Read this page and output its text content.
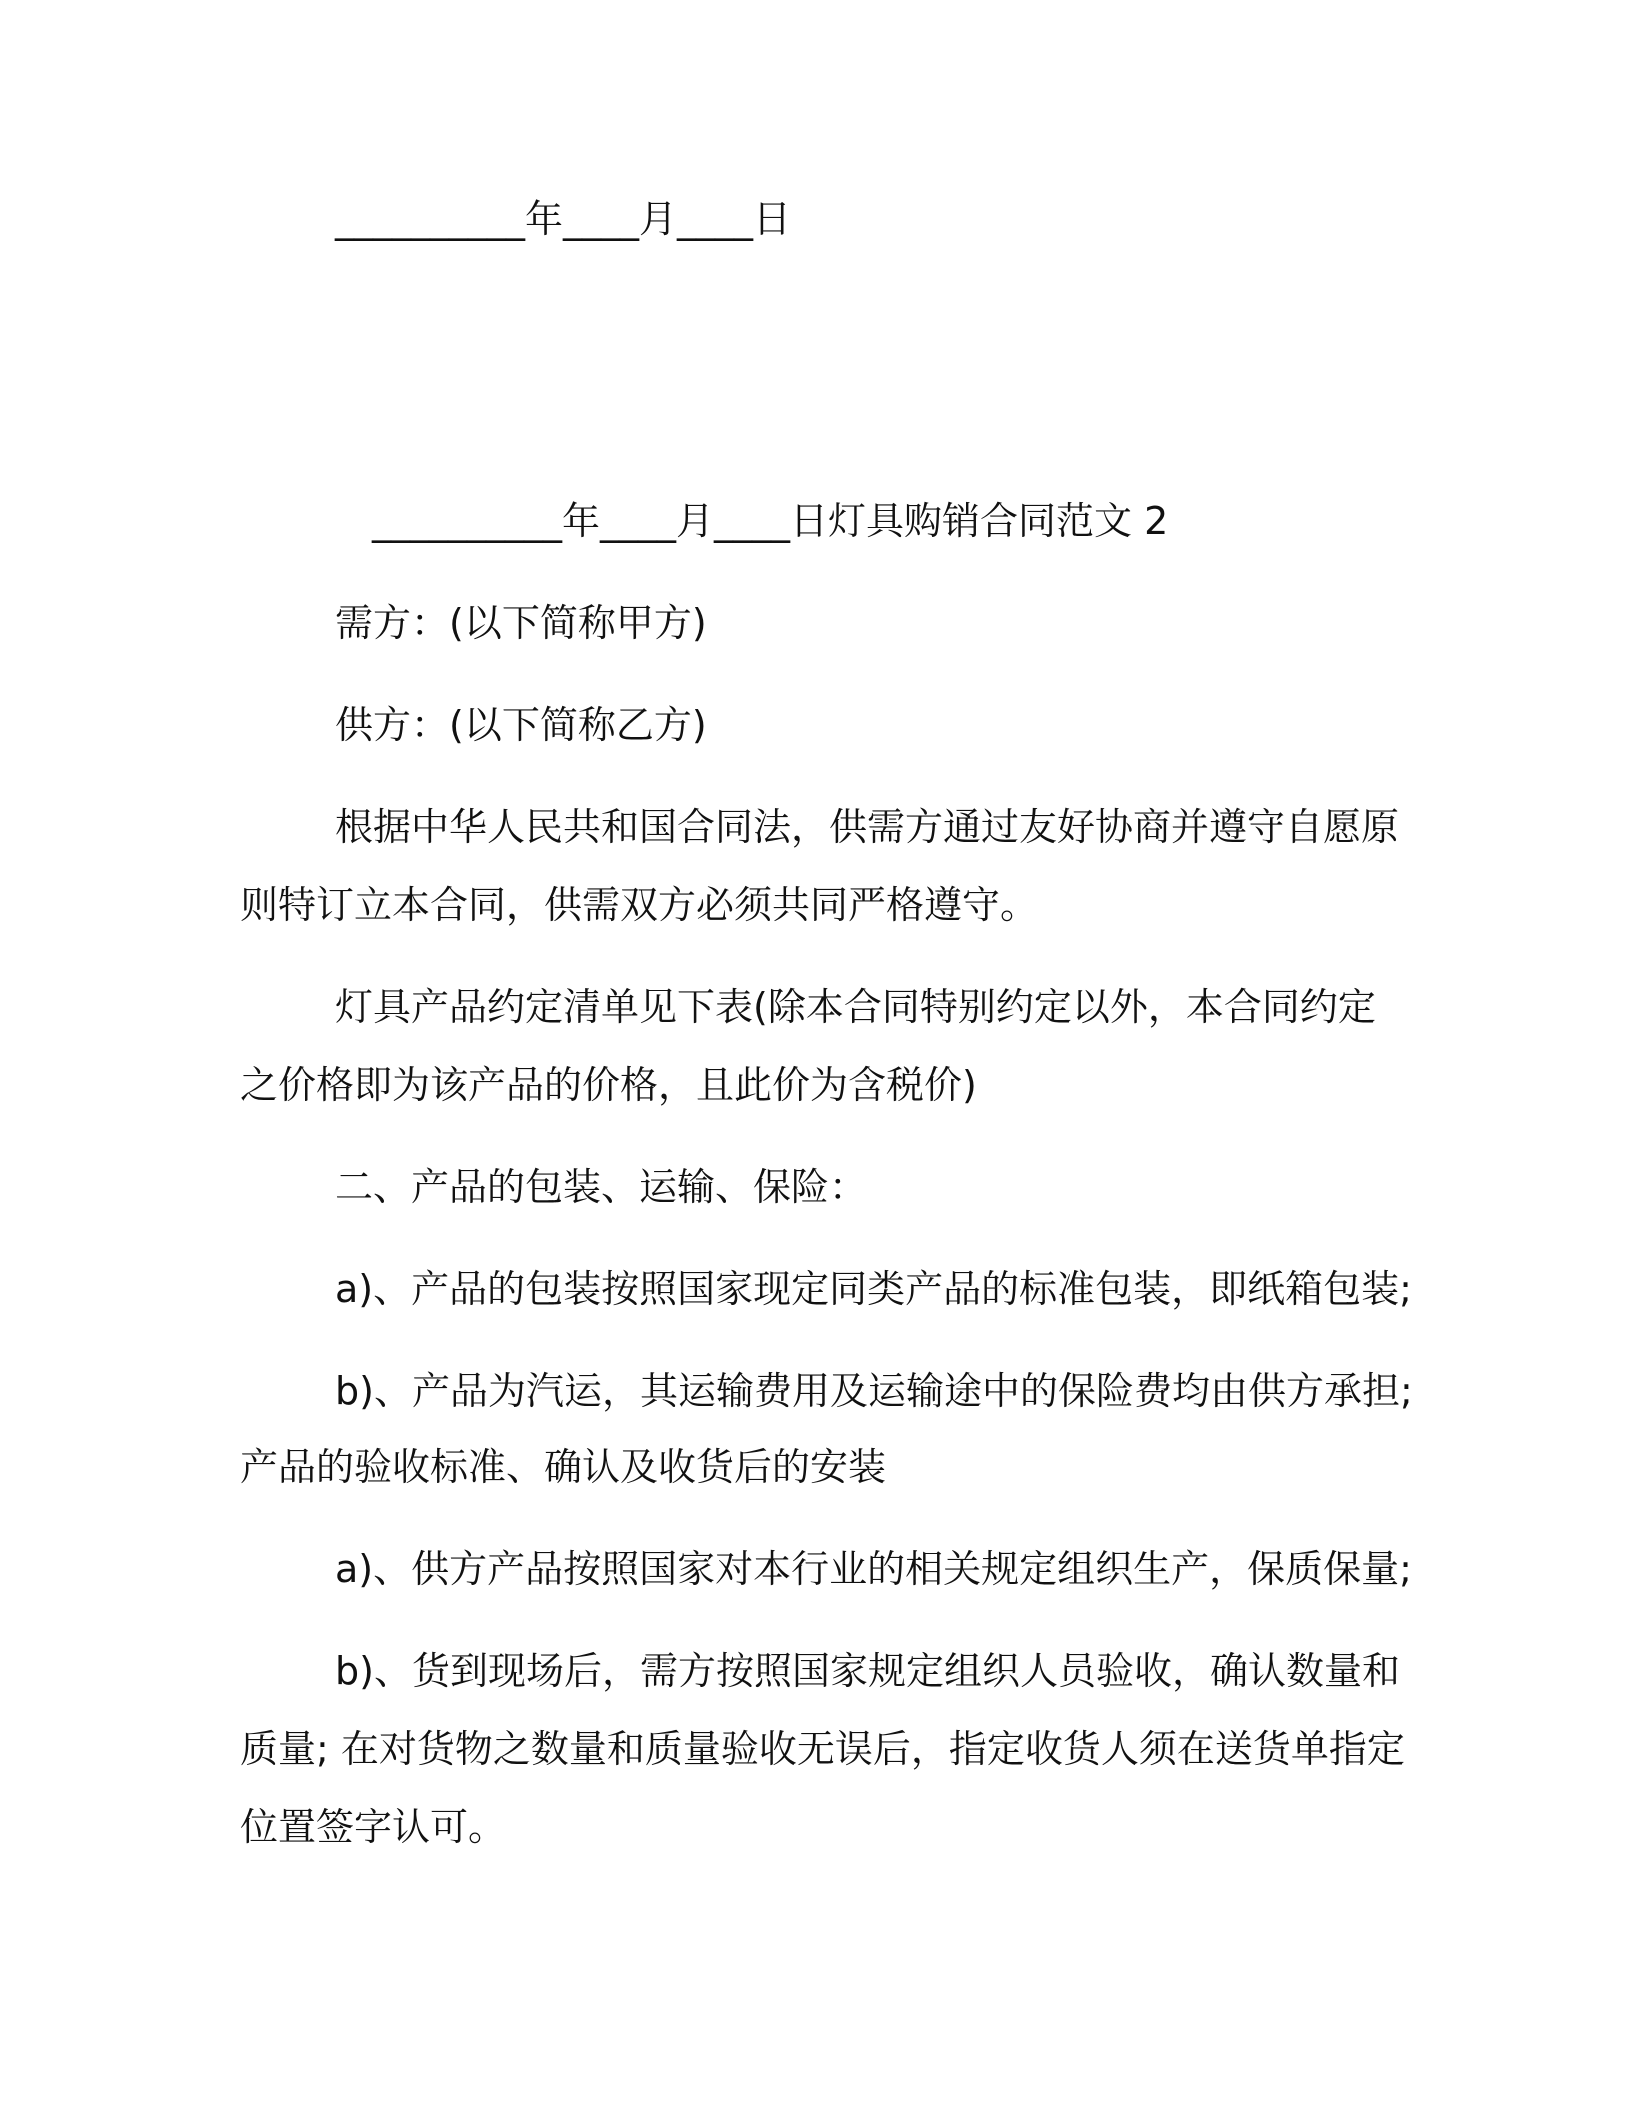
__________年____月____日
__________年____月____日灯具购销合同范文 2
需方：(以下简称甲方)
供方：(以下简称乙方)
根据中华人民共和国合同法，供需方通过友好协商并遵守自愿原
则特订立本合同，供需双方必须共同严格遵守。
灯具产品约定清单见下表(除本合同特别约定以外，本合同约定
之价格即为该产品的价格，且此价为含税价)
二、产品的包装、运输、保险：
a)、产品的包装按照国家现定同类产品的标准包装，即纸箱包装;
b)、产品为汽运，其运输费用及运输途中的保险费均由供方承担;
产品的验收标准、确认及收货后的安装
a)、供方产品按照国家对本行业的相关规定组织生产，保质保量;
b)、货到现场后，需方按照国家规定组织人员验收，确认数量和
质量; 在对货物之数量和质量验收无误后，指定收货人须在送货单指定
位置签字认可。
